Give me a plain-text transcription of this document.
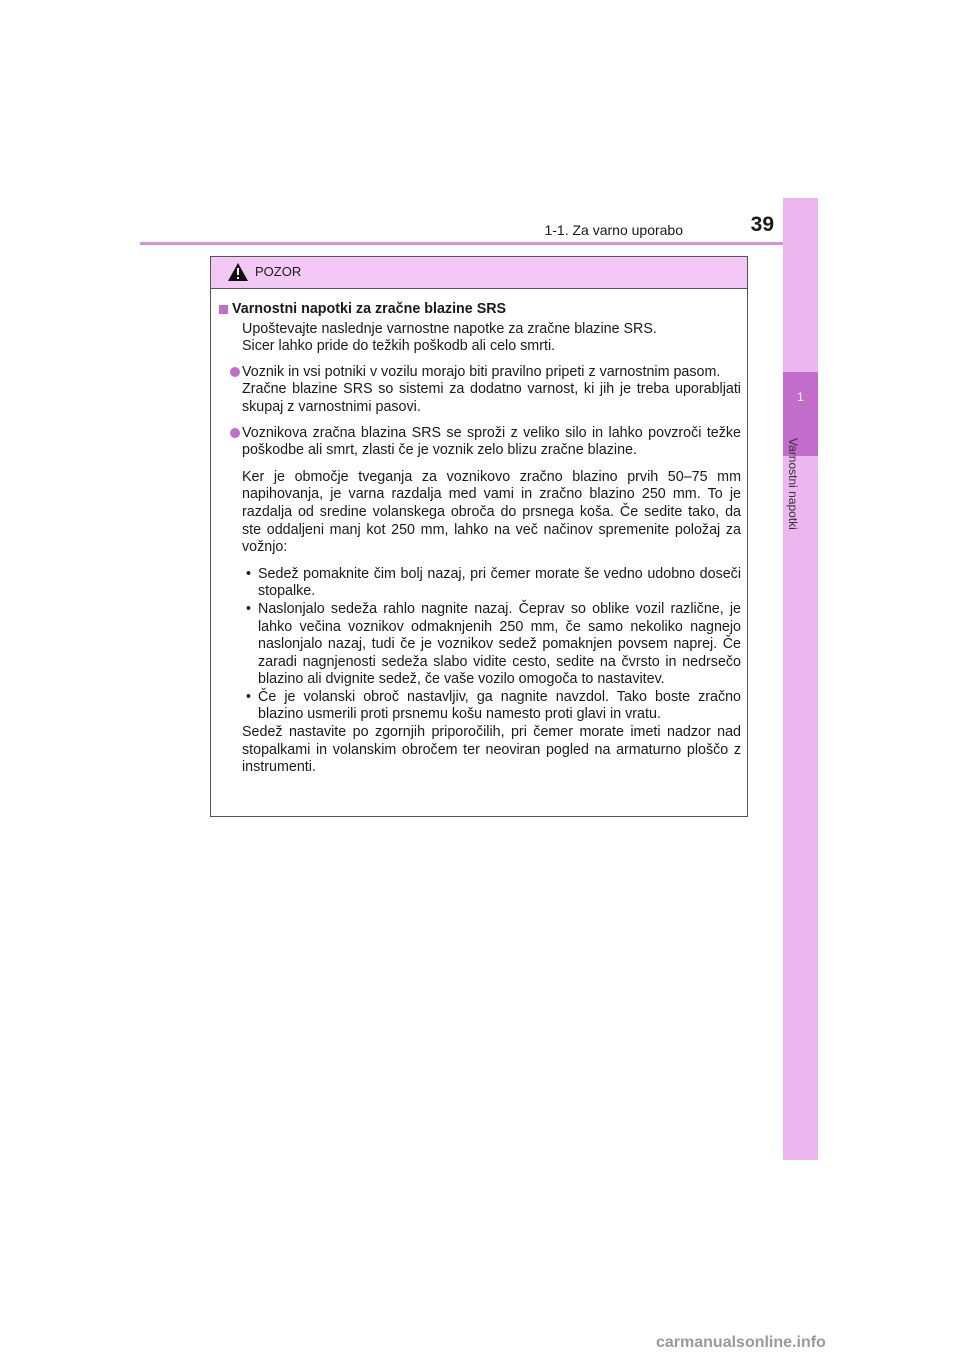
1-1. Za varno uporabo	39
1
Varnostni napotki
POZOR
Varnostni napotki za zračne blazine SRS
Upoštevajte naslednje varnostne napotke za zračne blazine SRS.
Sicer lahko pride do težkih poškodb ali celo smrti.
Voznik in vsi potniki v vozilu morajo biti pravilno pripeti z varnostnim pasom.
Zračne blazine SRS so sistemi za dodatno varnost, ki jih je treba uporabljati skupaj z varnostnimi pasovi.
Voznikova zračna blazina SRS se sproži z veliko silo in lahko povzroči težke poškodbe ali smrt, zlasti če je voznik zelo blizu zračne blazine.
Ker je območje tveganja za voznikovo zračno blazino prvih 50–75 mm napihovanja, je varna razdalja med vami in zračno blazino 250 mm. To je razdalja od sredine volanskega obroča do prsnega koša. Če sedite tako, da ste oddaljeni manj kot 250 mm, lahko na več načinov spremenite položaj za vožnjo:
• Sedež pomaknite čim bolj nazaj, pri čemer morate še vedno udobno doseči stopalke.
• Naslonjalo sedeža rahlo nagnite nazaj. Čeprav so oblike vozil različne, je lahko večina voznikov odmaknjenih 250 mm, če samo nekoliko nagnejo naslonjalo nazaj, tudi če je voznikov sedež pomaknjen povsem naprej. Če zaradi nagnjenosti sedeža slabo vidite cesto, sedite na čvrsto in nedrsečo blazino ali dvignite sedež, če vaše vozilo omogoča to nastavitev.
• Če je volanski obroč nastavljiv, ga nagnite navzdol. Tako boste zračno blazino usmerili proti prsnemu košu namesto proti glavi in vratu.
Sedež nastavite po zgornjih priporočilih, pri čemer morate imeti nadzor nad stopalkami in volanskim obročem ter neoviran pogled na armaturno ploščo z instrumenti.
carmanualsonline.info
